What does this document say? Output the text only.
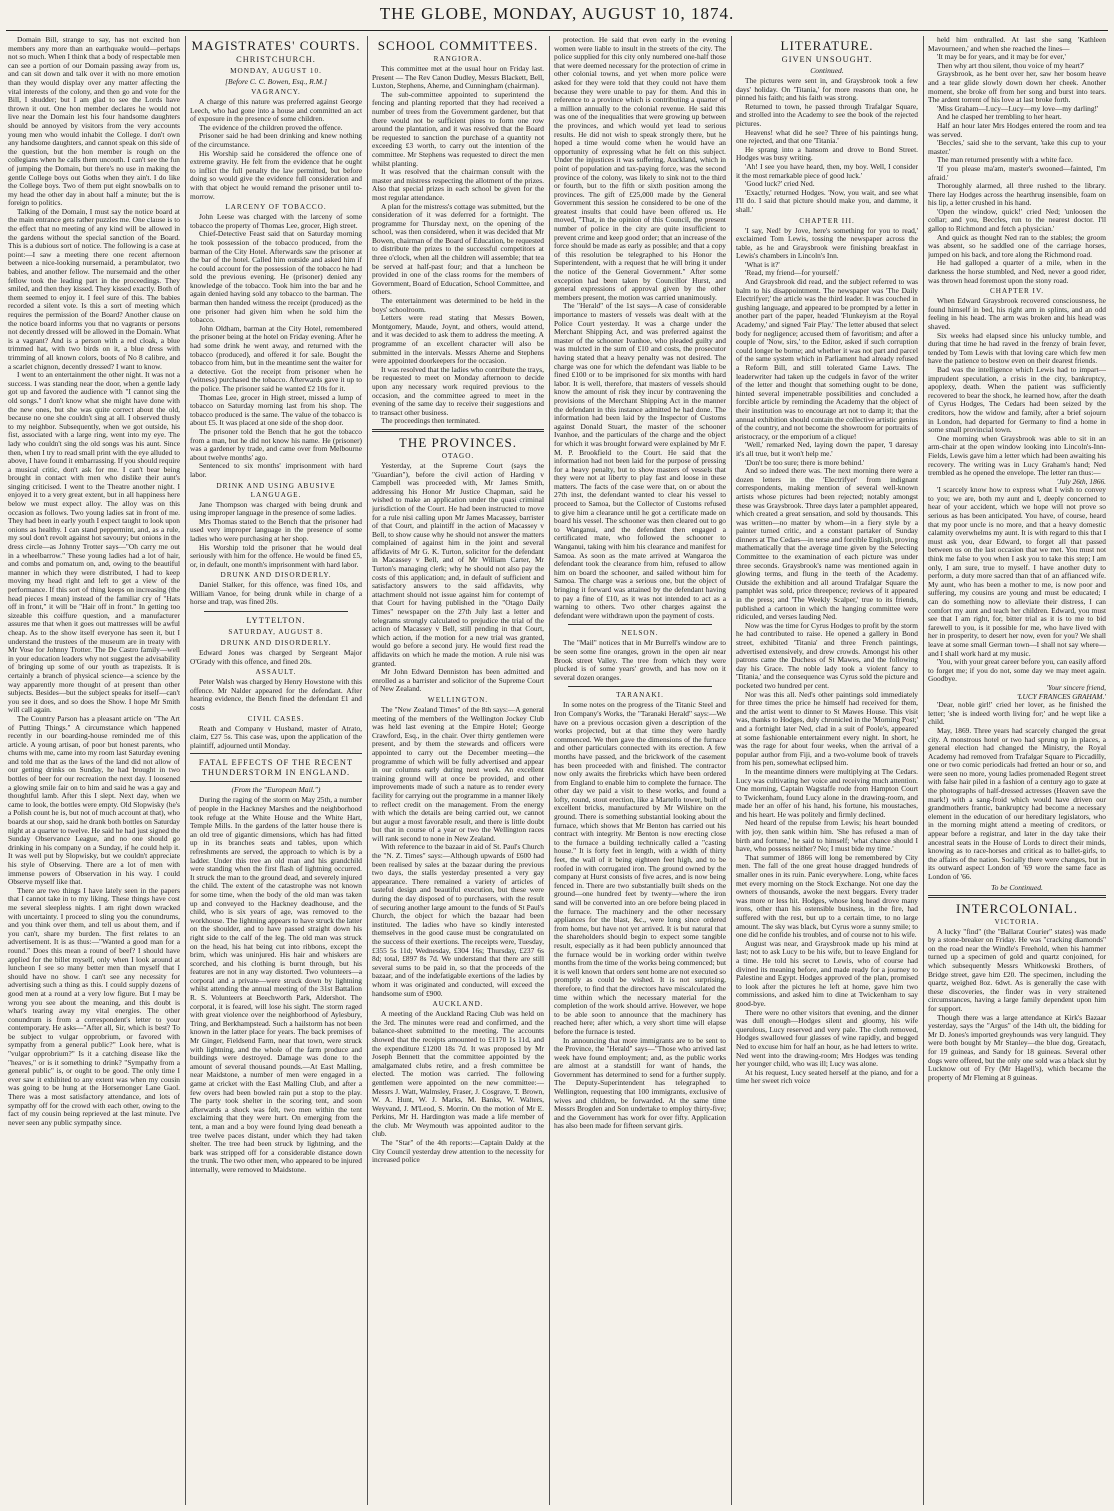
THE GLOBE, MONDAY, AUGUST 10, 1874.

Domain Bill, strange to say, has not excited hon members any more than an earthquake would—perhaps not so much. When I think that a body of respectable men can see a portion of our Domain passing away from us, and can sit down and talk over it with no more emotion than they would display over any matter affecting the vital interests of the colony, and then go and vote for the Bill, I shudder; but I am glad to see the Lords have thrown it out. One hon member declares he would not live near the Domain lest his four handsome daughters should be annoyed by visitors from the very accounts young men who would inhabit the College. I don't own any handsome daughters, and cannot speak on this side of the question, but the hon member is rough on the collegians when he calls them uncouth. I can't see the fun of jumping the Domain, but there's no use in making the gentle College boys out Goths when they ain't. I do like the College boys. Two of them put eight snowballs on to my head the other day in about half a minute; but the is foreign to politics.

Talking of the Domain, I must say the notice board at the main entrance gets rather puzzles me. One clause is to the effect that no meeting of any kind will be allowed in the gardens without the special sanction of the Board. This is a dubious sort of notice. The following is a case at point:—I saw a meeting there one recent afternoon between a nice-looking nursemaid, a perambulator, two babies, and another fellow. The nursemaid and the other fellow took the leading part in the proceedings. They smiled, and then they kissed. They kissed exactly. Both of them seemed to enjoy it. I feel sure of this. The babies recorded a silent vote. Is this a sort of meeting which requires the permission of the Board? Another clause on the notice board informs you that no vagrants or persons not decently dressed will be allowed in the Domain. What is a vagrant? And is a person with a red cloak, a blue trimmed hat, with two birds on it, a blue dress with trimming of all known colors, boots of No 8 calibre, and a scarlet chignon, decently dressed? I want to know.

I went to an entertainment the other night. It was not a success. I was standing near the door, when a gentle lady got up and favored the audience with "I cannot sing the old songs." I don't know what she might have done with the new ones, but she was quite correct about the old, because no one she couldn't sing at all. I observed thusly to my neighbor. Subsequently, when we got outside, his fist, associated with a large ring, went into my eye. The lady who couldn't sing the old songs was his aunt. Since then, when I try to read small print with the eye alluded to above, I have found it embarrassing. If you should require a musical critic, don't ask for me. I can't bear being brought in contact with men who dislike their aunt's singing criticised. I went to the Theatre another night. I enjoyed it to a very great extent, but in all happiness here below we must expect alloy. The alloy was on this occasion as follows. Two young ladies sat in front of me. They had been in early youth I expect taught to look upon onions as healthy. I can stand peppermint, and, as a rule, my soul don't revolt against hot savoury; but onions in the dress circle—as Johnny Trotter says—"Oh carry me out in a wheelbarrow." These young ladies had a lot of hair, and combs and pomatum on, and, owing to the beautiful manner in which they were distributed, I had to keep moving my head right and left to get a view of the performance. If this sort of thing keeps on increasing (the head pieces I mean) instead of the familiar cry of "Hats off in front," it will be "Hair off in front." In getting too sizeable this coiffure question, and a manufacturer assures me that when it goes out mattresses will be awful cheap. As to the show itself everyone has seen it, but I understand the trustees of the museum are in treaty with Mr Vose for Johnny Trotter. The De Castro family—well in your education leaders why not suggest the advisability of bringing up some of our youth as trapezists. It is certainly a branch of physical science—a science by the way apparently more thought of at present than other subjects. Besides—but the subject speaks for itself—can't you see it does, and so does the Show. I hope Mr Smith will call again.

The Country Parson has a pleasant article on "The Art of Putting Things." A circumstance which happened recently in our boarding-house reminded me of this article. A young artisan, of poor but honest parents, who chums with me, came into my room last Saturday evening and told me that as the laws of the land did not allow of our getting drinks on Sunday, he had brought in two bottles of beer for our recreation the next day. I loosened a glowing smile fair on to him and said he was a gay and thoughtful lamb. After this I slept. Next day, when we came to look, the bottles were empty. Old Slopwisky (he's a Polish count he is, but not of much account at that), who boards at our shop, said he drank both bottles on Saturday night at a quarter to twelve. He said he had just signed the Sunday Observance League, and no one should go drinking in his company on a Sunday, if he could help it. It was well put by Slopwisky, but we couldn't appreciate his style of Observing. There are a lot of men with immense powers of Observation in his way. I could Observe myself like that.

There are two things I have lately seen in the papers that I cannot take in to my liking. These things have cost me several sleepless nights. I am right down wracked with uncertainty. I proceed to sling you the conundrums, and you think over them, and tell us about them, and if you can't, share my burden. The first relates to an advertisement. It is as thus:—"Wanted a good man for a round." Does this mean a round of beef? I should have applied for the billet myself, only when I look around at luncheon I see so many better men than myself that I should have no show. I can't see any necessity for advertising such a thing as this. I could supply dozens of good men at a round at a very low figure. But I may be wrong you see about the meaning, and this doubt is what's tearing away my vital energies. The other conundrum is from a correspondent's letter to your contemporary. He asks—"After all, Sir, which is best? To be subject to vulgar opprobrium, or favored with sympathy from a general public?" Look here, what is "vulgar opprobrium?" Is it a catching disease like the "heaves," or is it something to drink? "Sympathy from a general public" is, or ought to be good. The only time I ever saw it exhibited to any extent was when my cousin was going to be hung at the Horsemonger Lane Gaol. There was a most satisfactory attendance, and lots of sympathy off for the crowd with each other, owing to the fact of my cousin being reprieved at the last minute. I've never seen any public sympathy since.

MAGISTRATES' COURTS.
CHRISTCHURCH.
MONDAY, AUGUST 10.
[Before C. C. Bowen, Esq., R.M.]
VAGRANCY.

A charge of this nature was preferred against George Leech, who had gone into a house and committed an act of exposure in the presence of some children.

The evidence of the children proved the offence.

Prisoner said he had been drinking and knew nothing of the circumstance.

His Worship said he considered the offence one of extreme gravity. He felt from the evidence that he ought to inflict the full penalty the law permitted, but before doing so would give the evidence full consideration and with that object he would remand the prisoner until to-morrow.

LARCENY OF TOBACCO.

John Leese was charged with the larceny of some tobacco the property of Thomas Lee, grocer, High street.

Chief-Detective Feast said that on Saturday morning he took possession of the tobacco produced, from the barman of the City Hotel. Afterwards saw the prisoner at the bar of the hotel. Called him outside and asked him if he could account for the possession of the tobacco he had sold the previous evening. He (prisoner) denied any knowledge of the tobacco. Took him into the bar and he again denied having sold any tobacco to the barman. The barman then handed witness the receipt (produced) as the one prisoner had given him when he sold him the tobacco.

John Oldham, barman at the City Hotel, remembered the prisoner being at the hotel on Friday evening. After he had some drink he went away, and returned with the tobacco (produced), and offered it for sale. Bought the tobacco from him, but in the meantime sent the waiter for a detective. Got the receipt from prisoner when he (witness) purchased the tobacco. Afterwards gave it up to the police. The prisoner said he wanted £2 10s for it.

Thomas Lee, grocer in High street, missed a lump of tobacco on Saturday morning last from his shop. The tobacco produced is the same. The value of the tobacco is about £5. It was placed at one side of the shop door.

The prisoner told the Bench that he got the tobacco from a man, but he did not know his name. He (prisoner) was a gardener by trade, and came over from Melbourne about twelve months' ago.

Sentenced to six months' imprisonment with hard labor.

DRINK AND USING ABUSIVE LANGUAGE.

Jane Thompson was charged with being drunk and using improper language in the presence of some ladies.

Mrs Thomas stated to the Bench that the prisoner had used very improper language in the presence of some ladies who were purchasing at her shop.

His Worship told the prisoner that he would deal seriously with him for the offence. He would be fined £5, or, in default, one month's imprisonment with hard labor.

DRUNK AND DISORDERLY.

Daniel Stalker, for this offence, was fined 10s, and William Vanoe, for being drunk while in charge of a horse and trap, was fined 20s.

LYTTELTON.
SATURDAY, AUGUST 8.
DRUNK AND DISORDERLY.

Edward Jones was charged by Sergeant Major O'Grady with this offence, and fined 20s.

ASSAULT.

Peter Walsh was charged by Henry Howstone with this offence. Mr Nalder appeared for the defendant. After hearing evidence, the Bench fined the defendant £1 and costs

CIVIL CASES.

Reath and Company v Husband, master of Atrato, claim, £27 5s. This case was, upon the application of the plaintiff, adjourned until Monday.

FATAL EFFECTS OF THE RECENT THUNDERSTORM IN ENGLAND.
(From the "European Mail.")

During the raging of the storm on May 25th, a number of people in the Hackney Marshes and the neighborhood took refuge at the White House and the White Hart, Temple Mills. In the gardens of the latter house there is an old tree of gigantic dimensions, which has had fitted up in its branches seats and tables, upon which refreshments are served, the approach to which is by a ladder. Under this tree an old man and his grandchild were standing when the first flash of lightning occurred. It struck the man to the ground dead, and severely injured the child. The extent of the catastrophe was not known for some time, when the body of the old man was taken up and conveyed to the Hackney deadhouse, and the child, who is six years of age, was removed to the workhouse. The lightning appears to have struck the latter on the shoulder, and to have passed straight down his right side to the calf of the leg. The old man was struck on the head, his hat being cut into ribbons, except the brim, which was uninjured. His hair and whiskers are scorched, and his clothing is burnt through, but his features are not in any way distorted. Two volunteers—a corporal and a private—were struck down by lightning whilst attending the annual meeting of the 31st Battalion R. S. Volunteers at Beechworth Park, Aldershot. The corporal, it is feared, will lose his sight. The storm raged with great violence over the neighborhood of Aylesbury, Tring, and Berkhampstead. Such a hailstorm has not been known in the latter place for years. The back premises of Mr Ginger, Fieldsend Farm, near that town, were struck with lightning, and the whole of the farm produce and buildings were destroyed. Damage was done to the amount of several thousand pounds.—At East Malling, near Maidstone, a number of men were engaged in a game at cricket with the East Malling Club, and after a few overs had been bowled rain put a stop to the play. The party took shelter in the scoring tent, and soon afterwards a shock was felt, two men within the tent exclaiming that they were hurt. On emerging from the tent, a man and a boy were found lying dead beneath a tree twelve paces distant, under which they had taken shelter. The tree had been struck by lightning, and the bark was stripped off for a considerable distance down the trunk. The two other men, who appeared to be injured internally, were removed to Maidstone.

SCHOOL COMMITTEES.
RANGIORA.

This committee met at the usual hour on Friday last. Present — The Rev Canon Dudley, Messrs Blackett, Bell, Luxton, Stephens, Aherne, and Cunningham (chairman).

The sub-committee appointed to superintend the fencing and planting reported that they had received a number of trees from the Government gardener, but that there would not be sufficient pines to form one row around the plantation, and it was resolved that the Board be requested to sanction the purchase of a quantity not exceeding £3 worth, to carry out the intention of the committee. Mr Stephens was requested to direct the men whilst planting.

It was resolved that the chairman consult with the master and mistress respecting the allotment of the prizes. Also that special prizes in each school be given for the most regular attendance.

A plan for the mistress's cottage was submitted, but the consideration of it was deferred for a fortnight. The programme for Thursday next, on the opening of the school, was then considered, when it was decided that Mr Bowen, chairman of the Board of Education, be requested to distribute the prizes to the successful competitors at three o'clock, when all the children will assemble; that tea be served at half-past four; and that a luncheon be provided in one of the class rooms for the members of Government, Board of Education, School Committee, and others.

The entertainment was determined to be held in the boys' schoolroom.

Letters were read stating that Messrs Bowen, Montgomery, Maude, Joynt, and others, would attend, and it was decided to ask them to address the meeting. A programme of an excellent character will also be submitted in the intervals. Messrs Aherne and Stephens were appointed doorkeepers for the occasion.

It was resolved that the ladies who contribute the trays, be requested to meet on Monday afternoon to decide upon any necessary work required previous to the occasion, and the committee agreed to meet in the evening of the same day to receive their suggestions and to transact other business.

The proceedings then terminated.

THE PROVINCES.
OTAGO.

Yesterday, at the Supreme Court (says the "Guardian"), before the civil action of Harding v Campbell was proceeded with, Mr James Smith, addressing his Honor Mr Justice Chapman, said he wished to make an application under the quasi criminal jurisdiction of the Court. He had been instructed to move for a rule nisi calling upon Mr James Macassey, barrister of that Court, and plaintiff in the action of Macassey v Bell, to show cause why he should not answer the matters complained of against him in the joint and several affidavits of Mr G. K. Turton, solicitor for the defendant in Macassey v Bell, and of Mr William Carter, Mr Turton's managing clerk; why he should not also pay the costs of this application; and, in default of sufficient and satisfactory answers to the said affidavits, why attachment should not issue against him for contempt of that Court for having published in the "Otago Daily Times" newspaper on the 27th July last a letter and telegrams strongly calculated to prejudice the trial of the action of Macassey v Bell, still pending in that Court, which action, if the motion for a new trial was granted, would go before a second jury. He would first read the affidavits on which he made the motion. A rule nisi was granted.

Mr John Edward Denniston has been admitted and enrolled as a barrister and solicitor of the Supreme Court of New Zealand.

WELLINGTON.

The "New Zealand Times" of the 8th says:—A general meeting of the members of the Wellington Jockey Club was held last evening at the Empire Hotel; George Crawford, Esq., in the chair. Over thirty gentlemen were present, and by them the stewards and officers were appointed to carry out the December meeting—the programme of which will be fully advertised and appear in our columns early during next week. An excellent training ground will at once be provided, and other improvements made of such a nature as to render every facility for carrying out the programme in a manner likely to reflect credit on the management. From the energy with which the details are being carried out, we cannot but augur a most favorable result, and there is little doubt but that in course of a year or two the Wellington races will rank second to none in New Zealand.

With reference to the bazaar in aid of St. Paul's Church the "N. Z. Times" says:—Although upwards of £600 had been realised by sales at the bazaar during the previous two days, the stalls yesterday presented a very gay appearance. There remained a variety of articles of tasteful design and beautiful execution, but these were during the day disposed of to purchasers, with the result of securing another large amount to the funds of St Paul's Church, the object for which the bazaar had been instituted. The ladies who have so kindly interested themselves in the good cause must be congratulated on the success of their exertions. The receipts were, Tuesday, £355 5s 11d; Wednesday, £304 16s; Thursday, £237 6s 8d; total, £897 8s 7d. We understand that there are still several sums to be paid in, so that the proceeds of the bazaar, and of the indefatigable exertions of the ladies by whom it was originated and conducted, will exceed the handsome sum of £900.

AUCKLAND.

A meeting of the Auckland Racing Club was held on the 3rd. The minutes were read and confirmed, and the balance-sheet submitted to the meeting. The accounts showed that the receipts amounted to £1170 1s 11d, and the expenditure £1200 18s 7d. It was proposed by Mr Joseph Bennett that the committee appointed by the amalgamated clubs retire, and a fresh committee be elected. The motion was carried. The following gentlemen were appointed on the new committee:—Messrs J. Watt, Walmsley, Fraser, J. Cosgrave, T. Brown, W. A. Hunt, W. J. Marks, M. Banks, W. Walters, Weyvand, J. M'Leod, S. Morrin. On the motion of Mr E. Perkins, Mr H. Hardington was made a life member of the club. Mr Weymouth was appointed auditor to the club.

The "Star" of the 4th reports:—Captain Daldy at the City Council yesterday drew attention to the necessity for increased police

protection. He said that even early in the evening women were liable to insult in the streets of the city. The police supplied for this city only numbered one-half those that were deemed necessary for the protection of crime in other colonial towns, and yet when more police were asked for they were told that they could not have them because they were unable to pay for them. And this in reference to a province which is contributing a quarter of a million annually to the colonial revenue. He said this was one of the inequalities that were growing up between the provinces, and which would yet lead to serious results. He did not wish to speak strongly there, but he hoped a time would come when he would have an opportunity of expressing what he felt on this subject. Under the injustices it was suffering, Auckland, which in point of population and tax-paying force, was the second province of the colony, was likely to sink not to the third or fourth, but to the fifth or sixth position among the provinces. The gift of £25,000 made by the General Government this session he considered to be one of the greatest insults that could have been offered us. He moved, "That, in the opinion of this Council, the present number of police in the city are quite insufficient to prevent crime and keep good order; that an increase of the force should be made as early as possible; and that a copy of this resolution be telegraphed to his Honor the Superintendent, with a request that he will bring it under the notice of the General Government." After some exception had been taken by Councillor Hurst, and general expressions of approval given by the other members present, the motion was carried unanimously.

The "Herald" of the 1st says—A case of considerable importance to masters of vessels was dealt with at the Police Court yesterday. It was a charge under the Merchant Shipping Act, and was preferred against the master of the schooner Ivanhoe, who pleaded guilty and was mulcted in the sum of £10 and costs, the prosecutor having stated that a heavy penalty was not desired. The charge was one for which the defendant was liable to be fined £100 or to be imprisoned for six months with hard labor. It is well, therefore, that masters of vessels should know the amount of risk they incur by contravening the provisions of the Merchant Shipping Act in the manner the defendant in this instance admitted he had done. The information had been laid by the Inspector of Customs against Donald Stuart, the master of the schooner Ivanhoe, and the particulars of the charge and the object for which it was brought forward were explained by Mr F. M. P. Brookfield to the Court. He said that the information had not been laid for the purpose of pressing for a heavy penalty, but to show masters of vessels that they were not at liberty to play fast and loose in these matters. The facts of the case were that, on or about the 27th inst, the defendant wanted to clear his vessel to proceed to Samoa, but the Collector of Customs refused to give him a clearance until he got a certificate made on board his vessel. The schooner was then cleared out to go to Wanganui, and the defendant then engaged a certificated mate, who followed the schooner to Wanganui, taking with him his clearance and manifest for Samoa. As soon as the mate arrived at Wangaroa the defendant took the clearance from him, refused to allow him on board the schooner, and sailed without him for Samoa. The charge was a serious one, but the object of bringing it forward was attained by the defendant having to pay a fine of £10, as it was not intended to act as a warning to others. Two other charges against the defendant were withdrawn upon the payment of costs.

NELSON.

The "Mail" notices that in Mr Burrell's window are to be seen some fine oranges, grown in the open air near Brook street Valley. The tree from which they were plucked is of some years' growth, and has now on it several dozen oranges.

TARANAKI.

In some notes on the progress of the Titanic Steel and Iron Company's Works, the "Taranaki Herald" says:—We have on a previous occasion given a description of the works projected, but at that time they were hardly commenced. We then gave the dimensions of the furnace and other particulars connected with its erection. A few months have passed, and the brickwork of the casement has been proceeded with and finished. The contractor now only awaits the firebricks which have been ordered from England to enable him to complete the furnace. The other day we paid a visit to these works, and found a lofty, round, stout erection, like a Martello tower, built of excellent bricks, manufactured by Mr Wilshire on the ground. There is something substantial looking about the furnace, which shows that Mr Benton has carried out his contract with integrity. Mr Benton is now erecting close to the furnace a building technically called a "casting house." It is forty feet in length, with a width of thirty feet, the wall of it being eighteen feet high, and to be roofed in with corrugated iron. The ground owned by the company at Hurst consists of five acres, and is now being fenced in. There are two substantially built sheds on the ground—one hundred feet by twenty—where the iron sand will be converted into an ore before being placed in the furnace. The machinery and the other necessary appliances for the blast, &c., were long since ordered from home, but have not yet arrived. It is but natural that the shareholders should begin to expect some tangible result, especially as it had been publicly announced that the furnace would be in working order within twelve months from the time of the works being commenced; but it is well known that orders sent home are not executed so promptly as could be wished. It is not surprising, therefore, to find that the directors have miscalculated the time within which the necessary material for the completion of the work should arrive. However, we hope to be able soon to announce that the machinery has reached here; after which, a very short time will elapse before the furnace is tested.

In announcing that more immigrants are to be sent to the Province, the "Herald" says—"Those who arrived last week have found employment; and, as the public works are almost at a standstill for want of hands, the Government has determined to send for a further supply. The Deputy-Superintendent has telegraphed to Wellington, requesting that 100 immigrants, exclusive of wives and children, be forwarded. At the same time Messrs Brogden and Son undertake to employ thirty-five; and the Government has work for over fifty. Application has also been made for fifteen servant girls.

LITERATURE.
GIVEN UNSOUGHT.
Continued.

The pictures were sent in, and Graysbrook took a few days' holiday. On 'Titania,' for more reasons than one, he pinned his faith; and his faith was strong.

Returned to town, he passed through Trafalgar Square, and strolled into the Academy to see the book of the rejected pictures.

Heavens! what did he see? Three of his paintings hung, one rejected, and that one 'Titania.'

He sprang into a hansom and drove to Bond Street. Hodges was busy writing.

'Ah! I see you have heard, then, my boy. Well, I consider it the most remarkable piece of good luck.'

'Good luck?' cried Ned.

'Exactly,' returned Hodges. 'Now, you wait, and see what I'll do. I said that picture should make you, and damme, it shall.'

CHAPTER III.

'I say, Ned! by Jove, here's something for you to read,' exclaimed Tom Lewis, tossing the newspaper across the table, as he and Graysbrook were finishing breakfast in Lewis's chambers in Lincoln's Inn.

'What is it?'

'Read, my friend—for yourself.'

And Graysbrook did read, and the subject referred to was balm to his disappointment. The newspaper was 'The Daily Electrifyer;' the article was the third leader. It was couched in gushing language, and appeared to be prompted by a letter in another part of the paper, headed 'Flunkeyism at the Royal Academy,' and signed 'Fair Play.' The letter abused that select body for negligence; accused them of favoritism; and after a couple of 'Now, sirs,' to the Editor, asked if such corruption could longer be borne; and whether it was not part and parcel of the same system which in Parliament had already refused a Reform Bill, and still tolerated Game Laws. The leaderwriter had taken up the cudgels in favor of the writer of the letter and thought that something ought to be done, hinted several impenetrable possibilities and concluded a forcible article by reminding the Academy that the object of their institution was to encourage art not to damp it; that the annual exhibition should contain the collective artistic genius of the country, and not become the showroom for portraits of aristocracy, or the emporium of a clique!

'Well,' remarked Ned, laying down the paper, 'I daresay it's all true, but it won't help me.'

'Don't be too sure; there is more behind.'

And so indeed there was. The next morning there were a dozen letters in the 'Electrifyer' from indignant correspondents, making mention of several well-known artists whose pictures had been rejected; notably amongst these was Graysbrook. Three days later a pamphlet appeared, which created a great sensation, and sold by thousands. This was written—no matter by whom—in a fiery style by a painter turned critic, and a constant partaker of Sunday dinners at The Cedars—in terse and forcible English, proving mathematically that the average time given by the Selecting Committee to the examination of each picture was under three seconds. Graysbrook's name was mentioned again in glowing terms, and flung in the teeth of the Academy. Outside the exhibition and all around Trafalgar Square the pamphlet was sold, price threepence; reviews of it appeared in the press; and 'The Weekly Scalper,' true to its friends, published a cartoon in which the hanging committee were ridiculed, and verses lauding Ned.

Now was the time for Cyrus Hodges to profit by the storm he had contributed to raise. He opened a gallery in Bond street, exhibited 'Titania' and three French paintings, advertised extensively, and drew crowds. Amongst his other patrons came the Duchess of St Mawes, and the following day his Grace. The noble lady took a violent fancy to 'Titania,' and the consequence was Cyrus sold the picture and pocketed two hundred per cent.

Nor was this all. Ned's other paintings sold immediately for three times the price he himself had received for them, and the artist went to dinner to St Mawes House. This visit was, thanks to Hodges, duly chronicled in the 'Morning Post;' and a fortnight later Ned, clad in a suit of Poole's, appeared at some fashionable entertainment every night. In short, he was the rage for about four weeks, when the arrival of a popular author from Fiji, and a two-volume book of travels from his pen, somewhat eclipsed him.

In the meantime dinners were multiplying at The Cedars. Lucy was cultivating her voice and receiving much attention. One morning, Captain Wagstaffe rode from Hampton Court to Twickenham, found Lucy alone in the drawing-room, and made her an offer of his hand, his fortune, his moustaches, and his heart. He was politely and firmly declined.

Ned heard of the repulse from Lewis; his heart bounded with joy, then sank within him. 'She has refused a man of birth and fortune,' he said to himself; 'what chance should I have, who possess neither? No; I must bide my time.'

That summer of 1866 will long be remembered by City men. The fall of the one great house dragged hundreds of smaller ones in its ruin. Panic everywhere. Long, white faces met every morning on the Stock Exchange. Not one day the owners of thousands, awoke the next beggars. Every trader was more or less hit. Hodges, whose long head drove many irons, other than his ostensible business, in the fire, had suffered with the rest, but up to a certain time, to no large amount. The sky was black, but Cyrus wore a sunny smile; to one did he confide his troubles, and of course not to his wife.

August was near, and Graysbrook made up his mind at last; not to ask Lucy to be his wife, but to leave England for a time. He told his secret to Lewis, who of course had divined its meaning before, and made ready for a journey to Palestine and Egypt. Hodges approved of the plan, promised to look after the pictures he left at home, gave him two commissions, and asked him to dine at Twickenham to say good-bye.

There were no other visitors that evening, and the dinner was dull enough—Hodges silent and gloomy, his wife querulous, Lucy reserved and very pale. The cloth removed, Hodges swallowed four glasses of wine rapidly, and begged Ned to excuse him for half an hour, as he had letters to write. Ned went into the drawing-room; Mrs Hodges was tending her younger child, who was ill; Lucy was alone.

At his request, Lucy seated herself at the piano, and for a time her sweet rich voice

held him enthralled. At last she sang 'Kathleen Mavourneen,' and when she reached the lines—

'It may be for years, and it may be for ever,'

Then why art thou silent, thou voice of my heart?'

Graysbrook, as he bent over her, saw her bosom heave and a tear glide slowly down down her cheek. Another moment, she broke off from her song and burst into tears. The ardent torrent of his love at last broke forth.

'Miss Graham—Lucy—Lucy—my love—my darling!'

And he clasped her trembling to her heart.

Half an hour later Mrs Hodges entered the room and tea was served.

'Beccles,' said she to the servant, 'take this cup to your master.'

The man returned presently with a white face.

'If you please ma'am, master's swooned—fainted, I'm afraid.'

Thoroughly alarmed, all three rushed to the library. There lay Hodges across the hearthrug insensible, foam on his lip, a letter crushed in his hand.

'Open the window, quick!' cried Ned; 'unloosen the collar; and you, Beccles, run to the nearest doctor. I'll gallop to Richmond and fetch a physician.'

And quick as thought Ned ran to the stables; the groom was absent, so he saddled one of the carriage horses, jumped on his back, and tore along the Richmond road.

He had galloped a quarter of a mile, when in the darkness the horse stumbled, and Ned, never a good rider, was thrown head foremost upon the stony road.

CHAPTER IV.

When Edward Graysbrook recovered consciousness, he found himself in bed, his right arm in splints, and an odd feeling in his head. The arm was broken and his head was shaved.

Six weeks had elapsed since his unlucky tumble, and during that time he had raved in the frenzy of brain fever, tended by Tom Lewis with that loving care which few men have the patience to bestow even on their dearest friends.

Bad was the intelligence which Lewis had to impart—imprudent speculation, a crisis in the city, bankruptcy, apoplexy, death. When the patient was sufficiently recovered to bear the shock, he learned how, after the death of Cyrus Hodges, The Cedars had been seized by the creditors, how the widow and family, after a brief sojourn in London, had departed for Germany to find a home in some small provincial town.

One morning when Graysbrook was able to sit in an arm-chair at the open window looking into Lincoln's-Inn-Fields, Lewis gave him a letter which had been awaiting his recovery. The writing was in Lucy Graham's hand; Ned trembled as he opened the envelope. The letter ran thus:—

'July 26th, 1866.

'I scarcely know how to express what I wish to convey to you; we are, both my aunt and I, deeply concerned to hear of your accident, which we hope will not prove so serious as has been anticipated. You have, of course, heard that my poor uncle is no more, and that a heavy domestic calamity overwhelms my aunt. It is with regard to this that I must ask you, dear Edward, to forget all that passed between us on the last occasion that we met. You must not think me false to you when I ask you to take this step; I am only, I am sure, true to myself. I have another duty to perform, a duty more sacred than that of an affianced wife. My aunt, who has been a mother to me, is now poor and suffering, my cousins are young and must be educated; I can do something now to alleviate their distress, I can comfort my aunt and teach her children. Edward, you must see that I am right, for, bitter trial as it is to me to bid farewell to you, is it possible for me, who have lived with her in prosperity, to desert her now, even for you? We shall leave at some small German town—I shall not say where—and I shall work hard at my music.

'You, with your great career before you, can easily afford to forget me; if you do not, some day we may meet again. Goodbye.

'Your sincere friend,
'LUCY FRANCES GRAHAM.'

'Dear, noble girl!' cried her lover, as he finished the letter; 'she is indeed worth living for;' and he wept like a child.

May, 1869. Three years had scarcely changed the great city. A monstrous hotel or two had sprung up in places, a general election had changed the Ministry, the Royal Academy had removed from Trafalgar Square to Piccadilly, one or two comic periodicals had fretted an hour or so, and were seen no more, young ladies promenaded Regent street with false hair piled in a fashion of a century ago to gaze at the photographs of half-dressed actresses (Heaven save the mark!) with a sang-froid which would have driven our grandmothers frantic, bankruptcy had become a necessary element in the education of our hereditary legislators, who in the morning might attend a meeting of creditors, or appear before a registrar, and later in the day take their ancestral seats in the House of Lords to direct their minds, knowing as to race-horses and critical as to ballet-girls, to the affairs of the nation. Socially there were changes, but in its outward aspect London of '69 wore the same face as London of '66.

To be Continued.
INTERCOLONIAL.
VICTORIA.

A lucky "find" (the "Ballarat Courier" states) was made by a stone-breaker on Friday. He was "cracking diamonds" on the road near the Windle's Freehold, when his hammer turned up a specimen of gold and quartz conjoined, for which subsequently Messrs Whitkowski Brothers, of Bridge street, gave him £20. The specimen, including the quartz, weighed 8oz. 6dwt. As is generally the case with these discoveries, the finder was in very straitened circumstances, having a large family dependent upon him for support.

Though there was a large attendance at Kirk's Bazaar yesterday, says the "Argus" of the 14th ult, the bidding for Mr D. Jones's imported greyhounds was very languid. They were both bought by Mr Stanley—the blue dog, Greatach, for 19 guineas, and Sandy for 18 guineas. Several other dogs were offered, but the only one sold was a black slut by Lucknow out of Fry (Mr Hagell's), which became the property of Mr Fleming at 8 guineas.
